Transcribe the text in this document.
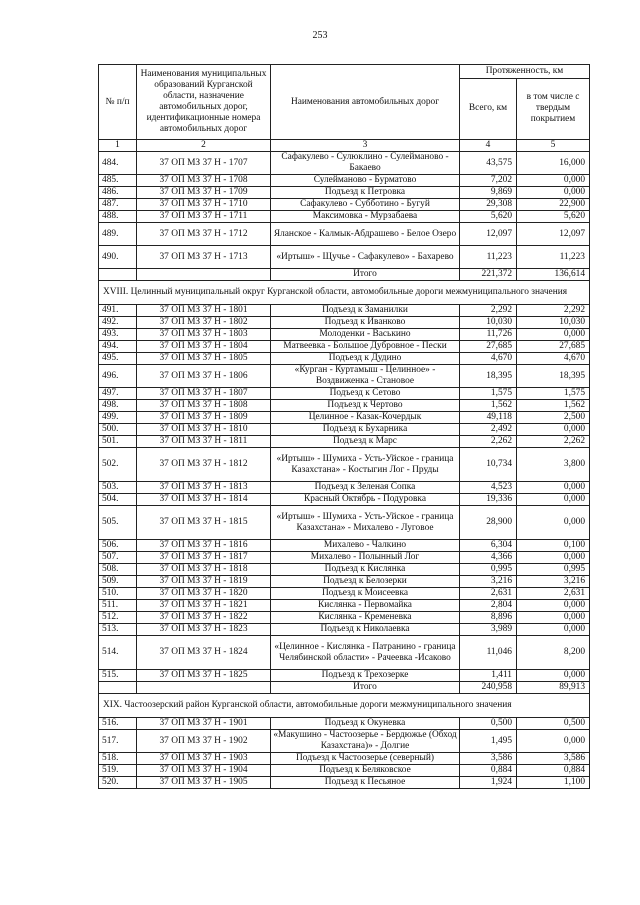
253
№ п/п	Наименования муниципальных образований Курганской области, назначение автомобильных дорог, идентификационные номера автомобильных дорог	Наименования автомобильных дорог	Протяженность, км	
			Всего, км	в том числе с твердым покрытием
1	2	3	4	5
484.	37 ОП МЗ 37 Н - 1707	Сафакулево - Сулюклино - Сулейманово - Бакаево	43,575	16,000
485.	37 ОП МЗ 37 Н - 1708	Сулейманово - Бурматово	7,202	0,000
486.	37 ОП МЗ 37 Н - 1709	Подъезд к Петровка	9,869	0,000
487.	37 ОП МЗ 37 Н - 1710	Сафакулево - Субботино - Бугуй	29,308	22,900
488.	37 ОП МЗ 37 Н - 1711	Максимовка - Мурзабаева	5,620	5,620
489.	37 ОП МЗ 37 Н - 1712	Яланское - Калмык-Абдрашево - Белое Озеро	12,097	12,097
490.	37 ОП МЗ 37 Н - 1713	«Иртыш» - Щучье - Сафакулево» - Бахарево	11,223	11,223
		Итого	221,372	136,614
XVIII. Целинный муниципальный округ Курганской области, автомобильные дороги межмуниципального значения				
491.	37 ОП МЗ 37 Н - 1801	Подъезд к Заманилки	2,292	2,292
492.	37 ОП МЗ 37 Н - 1802	Подъезд к Иванково	10,030	10,030
493.	37 ОП МЗ 37 Н - 1803	Молоденки - Васькино	11,726	0,000
494.	37 ОП МЗ 37 Н - 1804	Матвеевка - Большое Дубровное - Пески	27,685	27,685
495.	37 ОП МЗ 37 Н - 1805	Подъезд к Дудино	4,670	4,670
496.	37 ОП МЗ 37 Н - 1806	«Курган - Куртамыш - Целинное» - Воздвиженка - Становое	18,395	18,395
497.	37 ОП МЗ 37 Н - 1807	Подъезд к Сетово	1,575	1,575
498.	37 ОП МЗ 37 Н - 1808	Подъезд к Чертово	1,562	1,562
499.	37 ОП МЗ 37 Н - 1809	Целинное - Казак-Кочердык	49,118	2,500
500.	37 ОП МЗ 37 Н - 1810	Подъезд к Бухарника	2,492	0,000
501.	37 ОП МЗ 37 Н - 1811	Подъезд к Марс	2,262	2,262
502.	37 ОП МЗ 37 Н - 1812	«Иртыш» - Шумиха - Усть-Уйское - граница Казахстана» - Костыгин Лог - Пруды	10,734	3,800
503.	37 ОП МЗ 37 Н - 1813	Подъезд к Зеленая Сопка	4,523	0,000
504.	37 ОП МЗ 37 Н - 1814	Красный Октябрь - Подуровка	19,336	0,000
505.	37 ОП МЗ 37 Н - 1815	«Иртыш» - Шумиха - Усть-Уйское - граница Казахстана» - Михалево - Луговое	28,900	0,000
506.	37 ОП МЗ 37 Н - 1816	Михалево - Чалкино	6,304	0,100
507.	37 ОП МЗ 37 Н - 1817	Михалево - Полынный Лог	4,366	0,000
508.	37 ОП МЗ 37 Н - 1818	Подъезд к Кислянка	0,995	0,995
509.	37 ОП МЗ 37 Н - 1819	Подъезд к Белозерки	3,216	3,216
510.	37 ОП МЗ 37 Н - 1820	Подъезд к Моисеевка	2,631	2,631
511.	37 ОП МЗ 37 Н - 1821	Кислянка - Первомайка	2,804	0,000
512.	37 ОП МЗ 37 Н - 1822	Кислянка - Кременевка	8,896	0,000
513.	37 ОП МЗ 37 Н - 1823	Подъезд к Николаевка	3,989	0,000
514.	37 ОП МЗ 37 Н - 1824	«Целинное - Кислянка - Патранино - граница Челябинской области» - Рачеевка -Исаково	11,046	8,200
515.	37 ОП МЗ 37 Н - 1825	Подъезд к Трехозерке	1,411	0,000
		Итого	240,958	89,913
XIX. Частоозерский район Курганской области, автомобильные дороги межмуниципального значения				
516.	37 ОП МЗ 37 Н - 1901	Подъезд к Окуневка	0,500	0,500
517.	37 ОП МЗ 37 Н - 1902	«Макушино - Частоозерье - Бердюжье (Обход Казахстана)» - Долгие	1,495	0,000
518.	37 ОП МЗ 37 Н - 1903	Подъезд к Частоозерье (северный)	3,586	3,586
519.	37 ОП МЗ 37 Н - 1904	Подъезд к Беляковское	0,884	0,884
520.	37 ОП МЗ 37 Н - 1905	Подъезд к Песьяное	1,924	1,100
